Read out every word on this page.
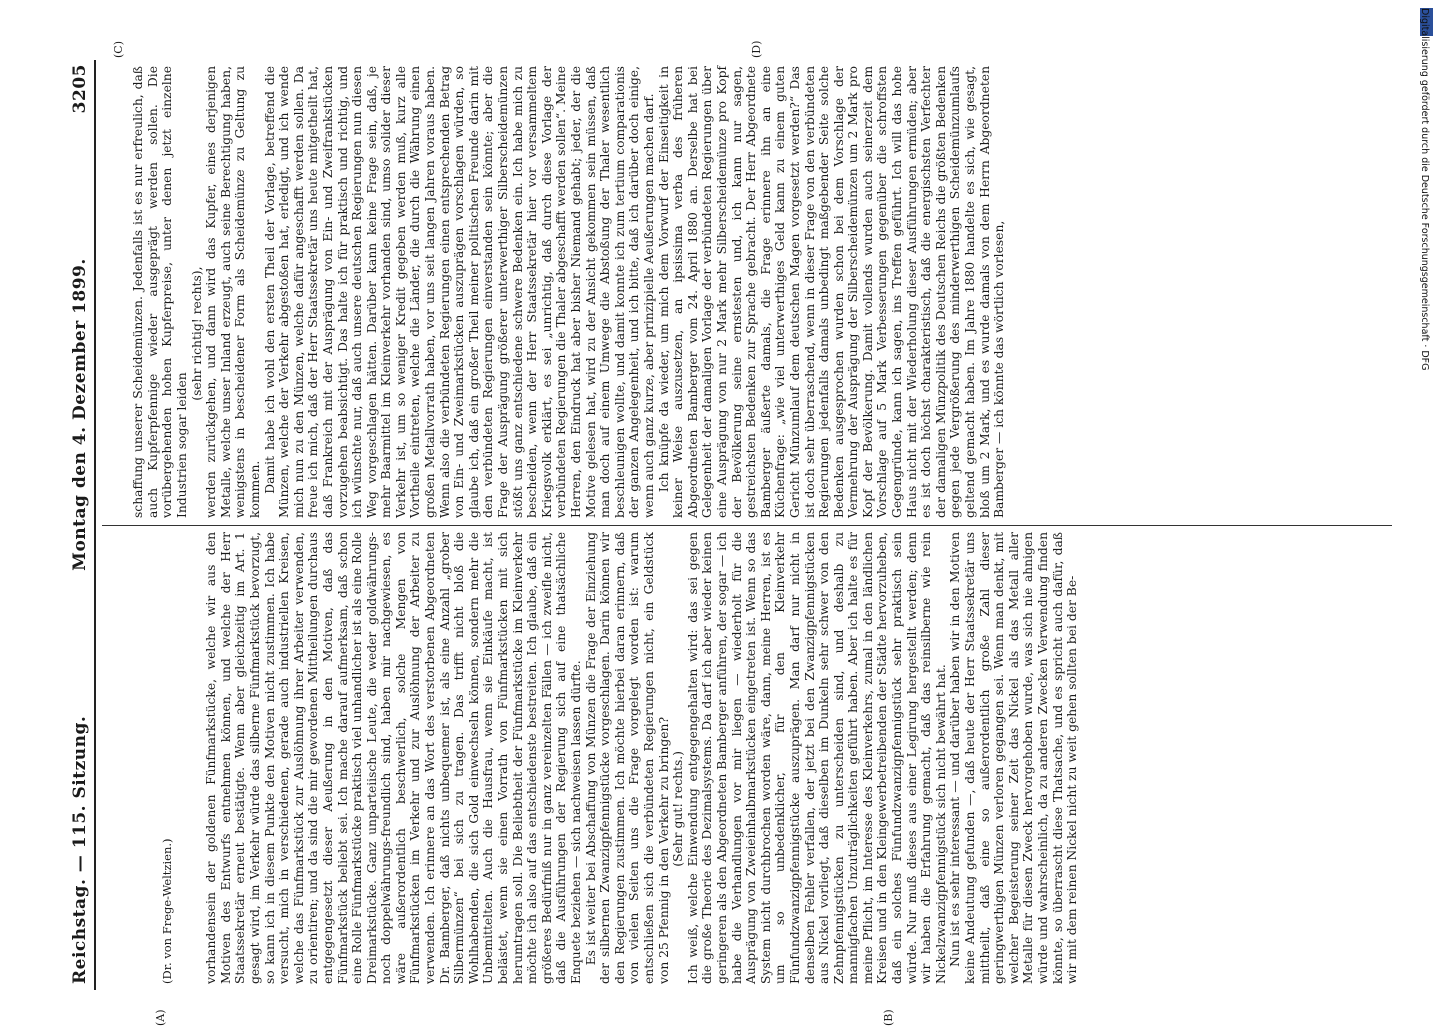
Reichstag. — 115. Sitzung.
Montag den 4. Dezember 1899.
3205

(A)

	(B)

(Dr. von Frege-Weltzien.)

vorhandensein der goldenen Fünfmarkstücke, welche wir aus den Motiven des Entwurfs entnehmen können, und welche der Herr Staatssekretär erneut bestätigte. Wenn aber gleichzeitig im Art. 1 gesagt wird, im Verkehr würde das silberne Fünfmarkstück bevorzugt, so kann ich in diesem Punkte den Motiven nicht zustimmen. Ich habe versucht, mich in verschiedenen, gerade auch industriellen Kreisen, welche das Fünfmarkstück zur Auslöhnung ihrer Arbeiter verwenden, zu orientiren; und da sind die mir gewordenen Mittheilungen durchaus entgegengesetzt dieser Aeußerung in den Motiven, daß das Fünfmarkstück beliebt sei. Ich mache darauf aufmerksam, daß schon eine Rolle Fünfmarkstücke praktisch viel unhandlicher ist als eine Rolle Dreimarkstücke. Ganz unparteiische Leute, die weder goldwährungs- noch doppelwährungs-freundlich sind, haben mir nachgewiesen, es wäre außerordentlich beschwerlich, solche Mengen von Fünfmarkstücken im Verkehr und zur Auslöhnung der Arbeiter zu verwenden. Ich erinnere an das Wort des verstorbenen Abgeordneten Dr. Bamberger, daß nichts unbequemer ist, als eine Anzahl „grober Silbermünzen“ bei sich zu tragen. Das trifft nicht bloß die Wohlhabenden, die sich Gold einwechseln können, sondern mehr die Unbemittelten. Auch die Hausfrau, wenn sie Einkäufe macht, ist belästet, wenn sie einen Vorrath von Fünfmarkstücken mit sich herumtragen soll. Die Beliebtheit der Fünfmarkstücke im Kleinverkehr möchte ich also auf das entschiedenste bestreiten. Ich glaube, daß ein größeres Bedürfniß nur in ganz vereinzelten Fällen — ich zweifle nicht, daß die Ausführungen der Regierung sich auf eine thatsächliche Enquete beziehen — sich nachweisen lassen dürfte.
Es ist weiter bei Abschaffung von Münzen die Frage der Einziehung der silbernen Zwanzigpfennigstücke vorgeschlagen. Darin können wir den Regierungen zustimmen. Ich möchte hierbei daran erinnern, daß von vielen Seiten uns die Frage vorgelegt worden ist: warum entschließen sich die verbündeten Regierungen nicht, ein Geldstück von 25 Pfennig in den Verkehr zu bringen?
(Sehr gut! rechts.)
Ich weiß, welche Einwendung entgegengehalten wird: das sei gegen die große Theorie des Dezimalsystems. Da darf ich aber wieder keinen geringeren als den Abgeordneten Bamberger anführen, der sogar — ich habe die Verhandlungen vor mir liegen — wiederholt für die Ausprägung von Zweieinhalbmarkstücken eingetreten ist. Wenn so das System nicht durchbrochen worden wäre, dann, meine Herren, ist es um so unbedenklicher, für den Kleinverkehr Fünfundzwanzigpfennigstücke auszuprägen. Man darf nur nicht in denselben Fehler verfallen, der jetzt bei den Zwanzigpfennigstücken aus Nickel vorliegt, daß dieselben im Dunkeln sehr schwer von den Zehnpfennigstücken zu unterscheiden sind, und deshalb zu mannigfachen Unzuträglichkeiten geführt haben. Aber ich halte es für meine Pflicht, im Interesse des Kleinverkehrs, zumal in den ländlichen Kreisen und in den Kleingewerbetreibenden der Städte hervorzuheben, daß ein solches Fünfundzwanzigpfennigstück sehr praktisch sein würde. Nur muß dieses aus einer Legirung hergestellt werden; denn wir haben die Erfahrung gemacht, daß das reinsilberne wie rein Nickelzwanzigpfennigstück sich nicht bewährt hat.
Nun ist es sehr interessant — und darüber haben wir in den Motiven keine Andeutung gefunden —, daß heute der Herr Staatssekretär uns mittheilt, daß eine so außerordentlich große Zahl dieser geringwerthigen Münzen verloren gegangen sei. Wenn man denkt, mit welcher Begeisterung seiner Zeit das Nickel als das Metall aller Metalle für diesen Zweck hervorgehoben wurde, was sich nie ahnigen würde und wahrscheinlich, da zu anderen Zwecken Verwendung finden könnte, so überrascht diese Thatsache, und es spricht auch dafür, daß wir mit dem reinen Nickel nicht zu weit gehen sollten bei der Be-

schaffung unserer Scheidemünzen. Jedenfalls ist es nur erfreulich, daß auch Kupferpfennige wieder ausgeprägt werden sollen. Die vorübergehenden hohen Kupferpreise, unter denen jetzt einzelne Industrien sogar leiden
(sehr richtig! rechts),
werden zurückgehen, und dann wird das Kupfer, eines derjenigen Metalle, welche unser Inland erzeugt, auch seine Berechtigung haben, wenigstens in bescheidener Form als Scheidemünze zu Geltung zu kommen.
Damit habe ich wohl den ersten Theil der Vorlage, betreffend die Münzen, welche der Verkehr abgestoßen hat, erledigt, und ich wende mich nun zu den Münzen, welche dafür angeschafft werden sollen. Da freue ich mich, daß der Herr Staatssekretär uns heute mitgetheilt hat, daß Frankreich mit der Ausprägung von Ein- und Zweifrankstücken vorzugehen beabsichtigt. Das halte ich für praktisch und richtig, und ich wünschte nur, daß auch unsere deutschen Regierungen nun diesen Weg vorgeschlagen hätten. Darüber kann keine Frage sein, daß, je mehr Baarmittel im Kleinverkehr vorhanden sind, umso solider dieser Verkehr ist, um so weniger Kredit gegeben werden muß, kurz alle Vortheile eintreten, welche die Länder, die durch die Währung einen großen Metallvorrath haben, vor uns seit langen Jahren voraus haben. Wenn also die verbündeten Regierungen einen entsprechenden Betrag von Ein- und Zweimarkstücken auszuprägen vorschlagen würden, so glaube ich, daß ein großer Theil meiner politischen Freunde darin mit den verbündeten Regierungen einverstanden sein könnte; aber die Frage der Ausprägung größerer unterwerthiger Silberscheidemünzen stößt uns ganz entschiedene schwere Bedenken ein. Ich habe mich zu bescheiden, wenn der Herr Staatssekretär hier vor versammeltem Kriegsvolk erklärt, es sei „unrichtig, daß durch diese Vorlage der verbündeten Regierungen die Thaler abgeschafft werden sollen“. Meine Herren, den Eindruck hat aber bisher Niemand gehabt; jeder, der die Motive gelesen hat, wird zu der Ansicht gekommen sein müssen, daß man doch auf einem Umwege die Abstoßung der Thaler wesentlich beschleunigen wollte, und damit konnte ich zum tertium comparationis der ganzen Angelegenheit, und ich bitte, daß ich darüber doch einige, wenn auch ganz kurze, aber prinzipielle Aeußerungen machen darf.
Ich knüpfe da wieder, um mich dem Vorwurf der Einseitigkeit in keiner Weise auszusetzen, an ipsissima verba des früheren Abgeordneten Bamberger vom 24. April 1880 an. Derselbe hat bei Gelegenheit der damaligen Vorlage der verbündeten Regierungen über eine Ausprägung von nur 2 Mark mehr Silberscheidemünze pro Kopf der Bevölkerung seine ernstesten und, ich kann nur sagen, gestreichsten Bedenken zur Sprache gebracht. Der Herr Abgeordnete Bamberger äußerte damals, die Frage erinnere ihn an eine Küchenfrage: „wie viel unterwerthiges Geld kann zu einem guten Gericht Münzumlauf dem deutschen Magen vorgesetzt werden?“ Das ist doch sehr überraschend, wenn in dieser Frage von den verbündeten Regierungen jedenfalls damals unbedingt maßgebender Seite solche Bedenken ausgesprochen wurden schon bei dem Vorschlage der Vermehrung der Ausprägung der Silberscheidemünzen um 2 Mark pro Kopf der Bevölkerung. Damit vollends wurden auch seinerzeit dem Vorschlage auf 5 Mark Verbesserungen gegenüber die schroffsten Gegengründe, kann ich sagen, ins Treffen geführt. Ich will das hohe Haus nicht mit der Wiederholung dieser Ausführungen ermüden; aber es ist doch höchst charakteristisch, daß die energischsten Verfechter der damaligen Münzpolitik des Deutschen Reichs die größten Bedenken gegen jede Vergrößerung des minderwerthigen Scheidemünzumlaufs geltend gemacht haben. Im Jahre 1880 handelte es sich, wie gesagt, bloß um 2 Mark, und es wurde damals von dem Herrn Abgeordneten Bamberger — ich könnte das wörtlich vorlesen,

(C)	(D)	Digitalisierung gefördert durch die Deutsche Forschungsgemeinschaft · DFG
